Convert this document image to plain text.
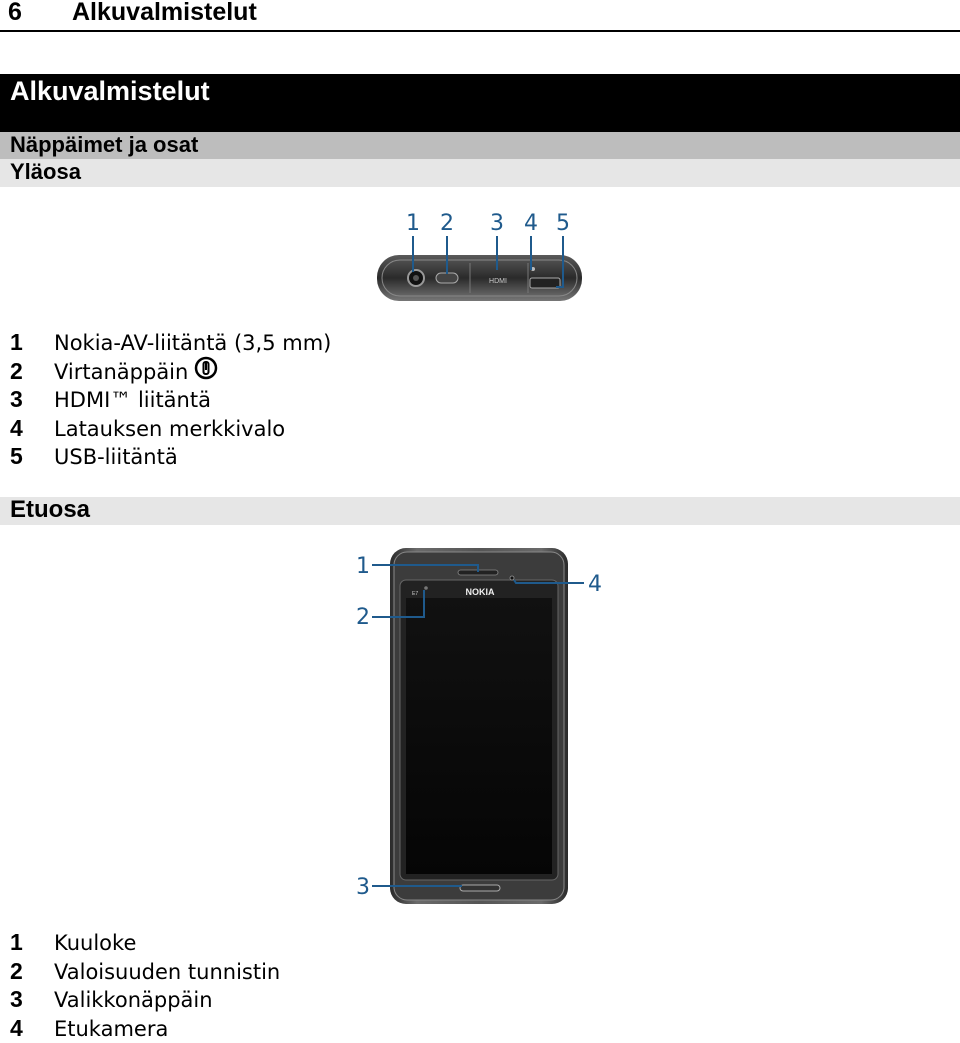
6 Alkuvalmistelut
Alkuvalmistelut
Näppäimet ja osat
Yläosa
HDMI
1 2 3 4 5
1 Nokia-AV-liitäntä (3,5 mm)
2 Virtanäppäin
3 HDMI™ liitäntä
4 Latauksen merkkivalo
5 USB-liitäntä
Etuosa
NOKIA
E7
1
2
3
4
1 Kuuloke
2 Valoisuuden tunnistin
3 Valikkonäppäin
4 Etukamera
